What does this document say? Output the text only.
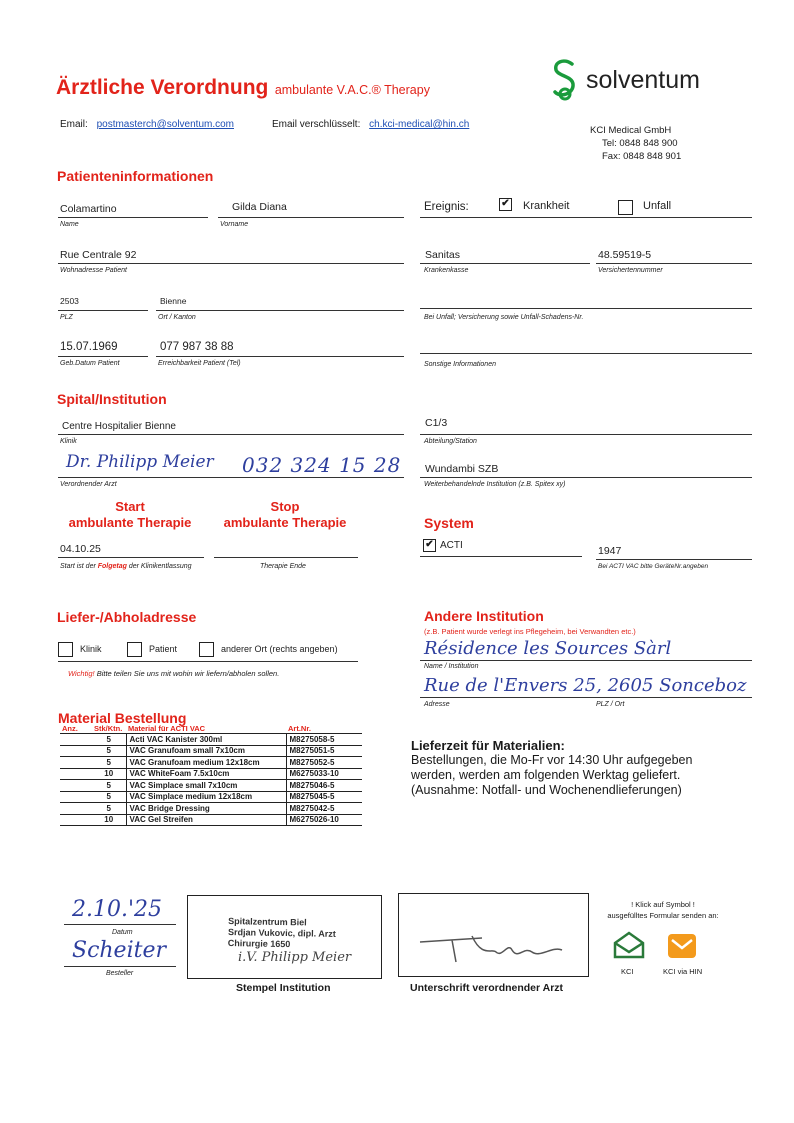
Ärztliche Verordnung ambulante V.A.C.® Therapy	solventum
Email: postmasterch@solventum.com	Email verschlüsselt: ch.kci-medical@hin.ch
KCI Medical GmbH
Tel: 0848 848 900
Fax: 0848 848 901
Patienteninformationen
Colamartino
Name
Gilda Diana
Vorname
Rue Centrale 92
Wohnadresse Patient
2503
PLZ
Bienne
Ort / Kanton
15.07.1969
Geb.Datum Patient
077 987 38 88
Erreichbarkeit Patient (Tel)
Ereignis:	✔ Krankheit	Unfall
Sanitas
Krankenkasse
48.59519-5
Versichertennummer
Bei Unfall; Versicherung sowie Unfall-Schadens-Nr.
Sonstige Informationen
Spital/Institution
Centre Hospitalier Bienne
Klinik
Dr. Philipp Meier 032 324 15 28
Verordnender Arzt
C1/3
Abteilung/Station
Wundambi SZB
Weiterbehandelnde Institution (z.B. Spitex xy)
Start
ambulante Therapie
Stop
ambulante Therapie
04.10.25
Start ist der Folgetag der Klinikentlassung	Therapie Ende
System
✔ ACTI	1947
Bei ACTI VAC bitte GeräteNr.angeben
Liefer-/Abholadresse
Klinik	Patient	anderer Ort (rechts angeben)
Wichtig! Bitte teilen Sie uns mit wohin wir liefern/abholen sollen.
Andere Institution
(z.B. Patient wurde verlegt ins Pflegeheim, bei Verwandten etc.)
Résidence les Sources Sàrl
Name / Institution
Rue de l'Envers 25, 2605 Sonceboz
Adresse	PLZ / Ort
Material Bestellung
Anz.	Stk/Ktn.	Material für ACTI VAC	Art.Nr.
	5	Acti VAC Kanister 300ml	M8275058-5
	5	VAC Granufoam small 7x10cm	M8275051-5
	5	VAC Granufoam medium 12x18cm	M8275052-5
	10	VAC WhiteFoam 7.5x10cm	M6275033-10
	5	VAC Simplace small 7x10cm	M8275046-5
	5	VAC Simplace medium 12x18cm	M8275045-5
	5	VAC Bridge Dressing	M8275042-5
	10	VAC Gel Streifen	M6275026-10
Lieferzeit für Materialien:
Bestellungen, die Mo-Fr vor 14:30 Uhr aufgegeben
werden, werden am folgenden Werktag geliefert.
(Ausnahme: Notfall- und Wochenendlieferungen)
2.10.'25
Datum
Scheiter
Besteller
Spitalzentrum Biel
Srdjan Vukovic, dipl. Arzt
Chirurgie 1650
i.V. Philipp Meier
Stempel Institution	Unterschrift verordnender Arzt
! Klick auf Symbol !
ausgefülltes Formular senden an:
KCI	KCI via HIN
